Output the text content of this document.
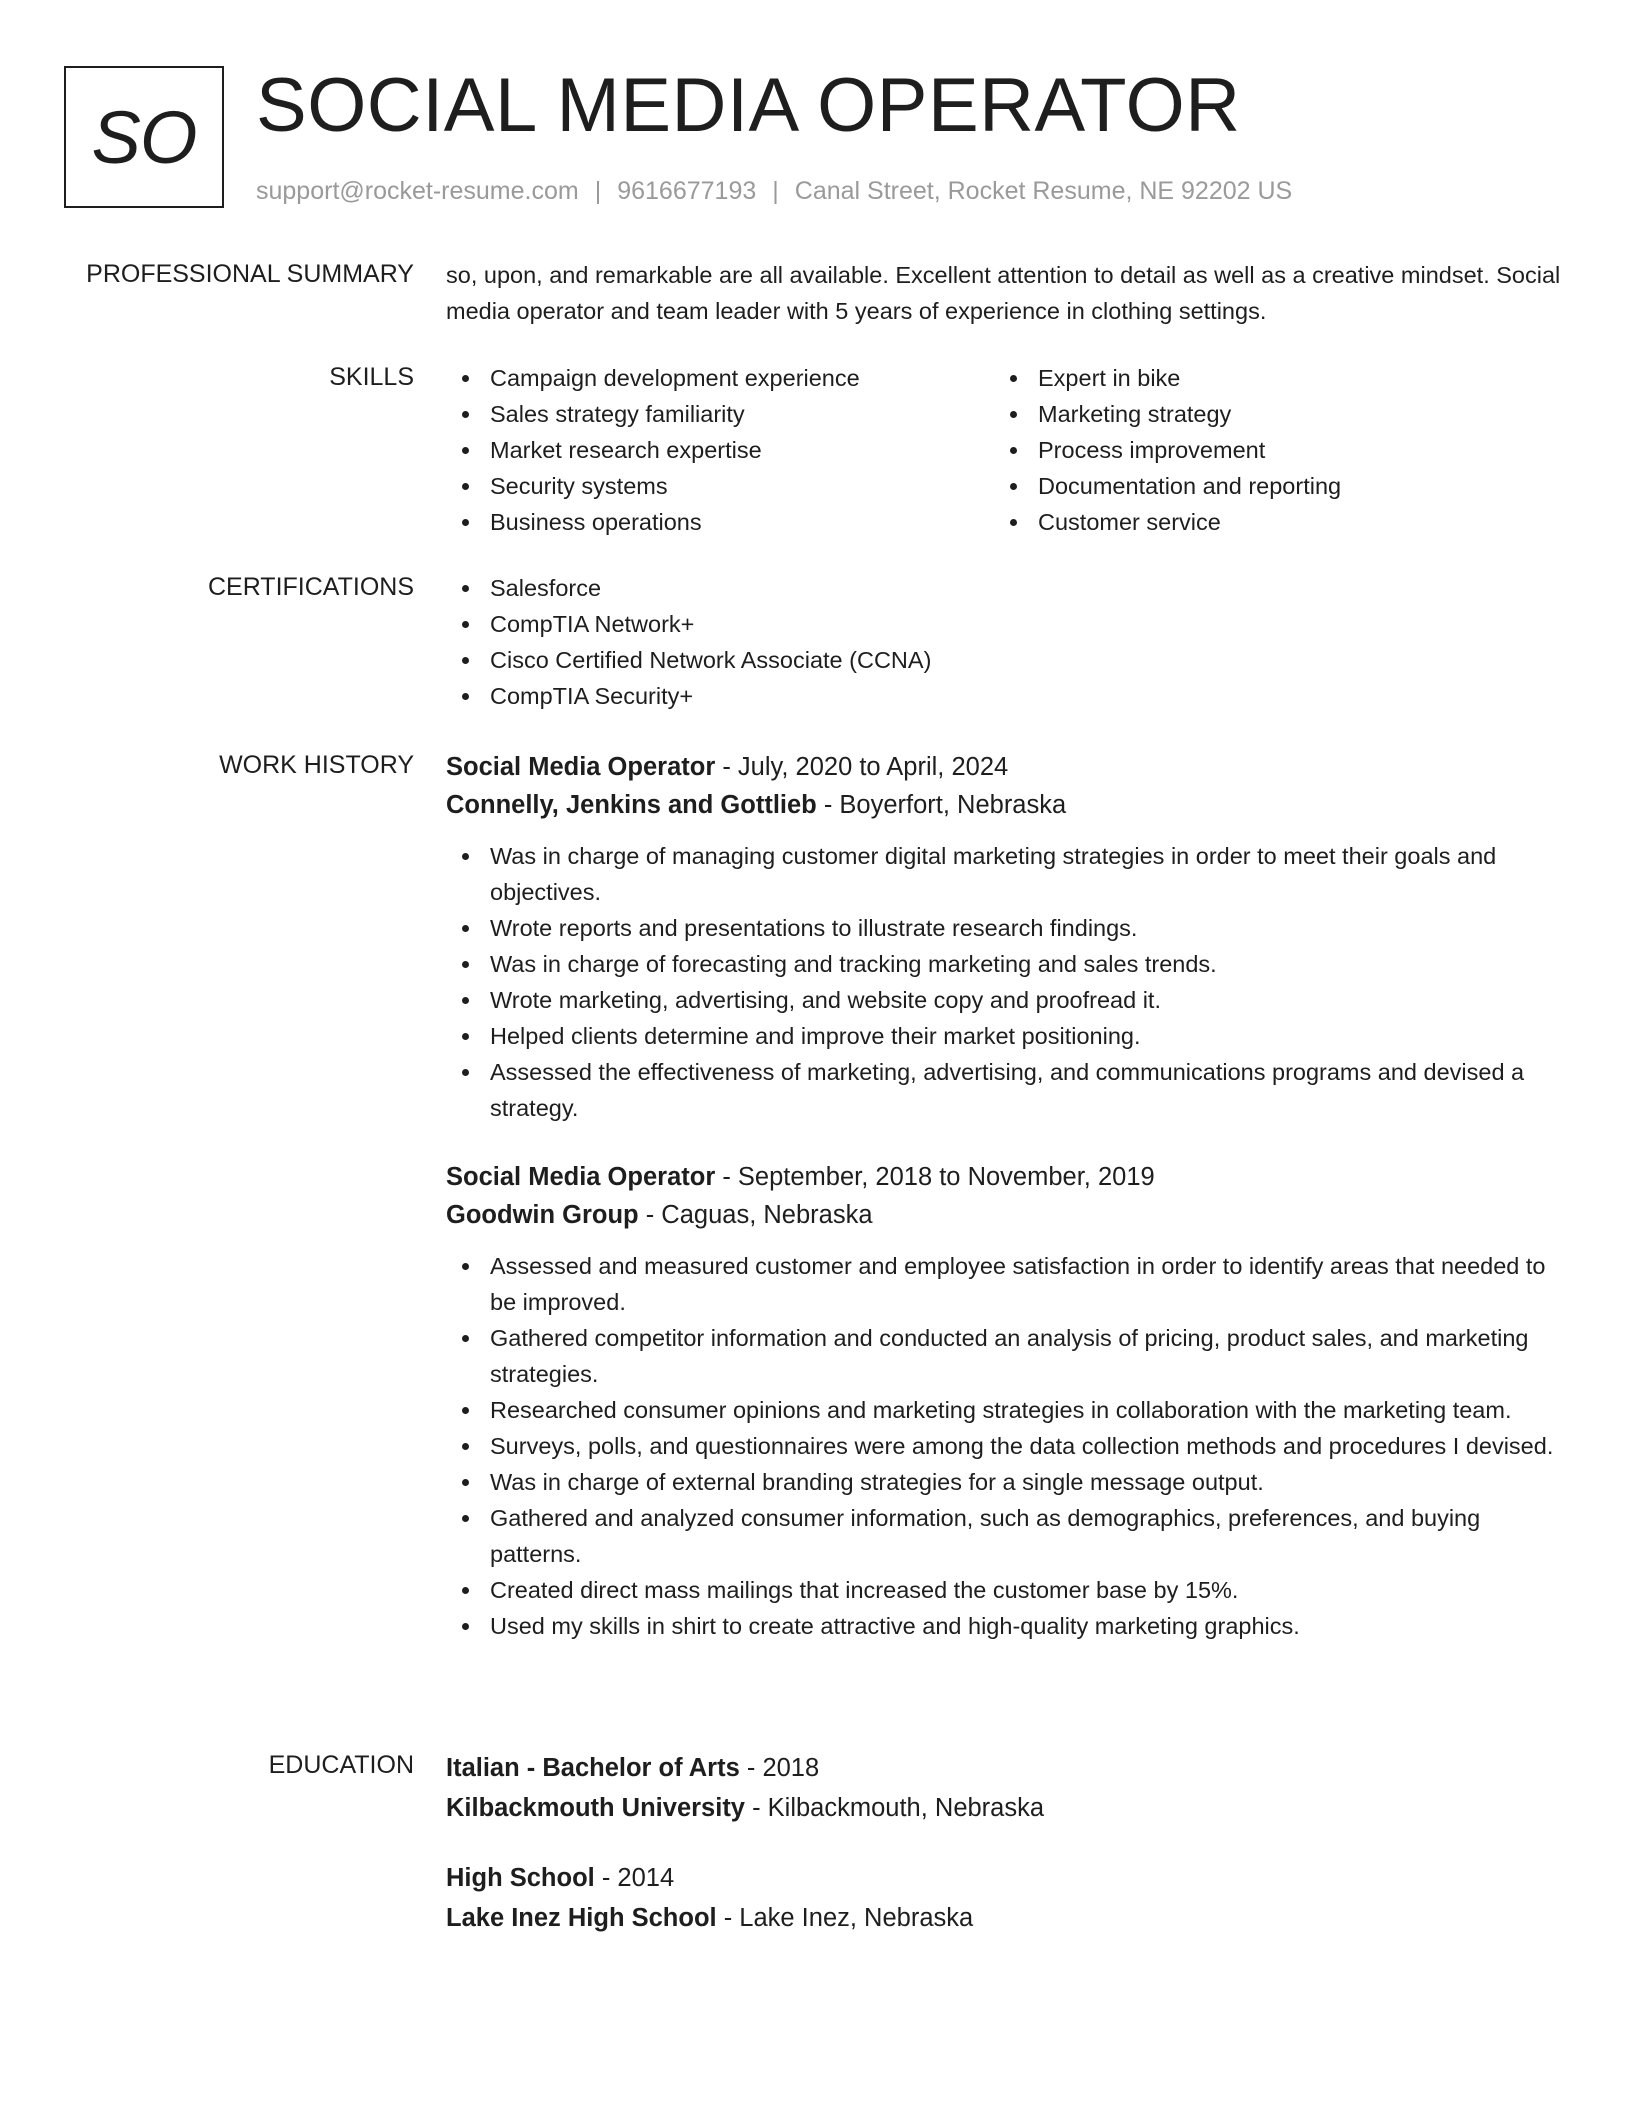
SO SOCIAL MEDIA OPERATOR
support@rocket-resume.com | 9616677193 | Canal Street, Rocket Resume, NE 92202 US
PROFESSIONAL SUMMARY so, upon, and remarkable are all available. Excellent attention to detail as well as a creative mindset. Social media operator and team leader with 5 years of experience in clothing settings.
SKILLS	Campaign development experience
Sales strategy familiarity
Market research expertise
Security systems
Business operations
Expert in bike
Marketing strategy
Process improvement
Documentation and reporting
Customer service
CERTIFICATIONS	Salesforce
CompTIA Network+
Cisco Certified Network Associate (CCNA)
CompTIA Security+
WORK HISTORY Social Media Operator - July, 2020 to April, 2024
Connelly, Jenkins and Gottlieb - Boyerfort, Nebraska
Was in charge of managing customer digital marketing strategies in order to meet their goals and objectives.
Wrote reports and presentations to illustrate research findings.
Was in charge of forecasting and tracking marketing and sales trends.
Wrote marketing, advertising, and website copy and proofread it.
Helped clients determine and improve their market positioning.
Assessed the effectiveness of marketing, advertising, and communications programs and devised a strategy.
Social Media Operator - September, 2018 to November, 2019
Goodwin Group - Caguas, Nebraska
Assessed and measured customer and employee satisfaction in order to identify areas that needed to be improved.
Gathered competitor information and conducted an analysis of pricing, product sales, and marketing strategies.
Researched consumer opinions and marketing strategies in collaboration with the marketing team.
Surveys, polls, and questionnaires were among the data collection methods and procedures I devised.
Was in charge of external branding strategies for a single message output.
Gathered and analyzed consumer information, such as demographics, preferences, and buying patterns.
Created direct mass mailings that increased the customer base by 15%.
Used my skills in shirt to create attractive and high-quality marketing graphics.
EDUCATION Italian - Bachelor of Arts - 2018
Kilbackmouth University - Kilbackmouth, Nebraska
High School - 2014
Lake Inez High School - Lake Inez, Nebraska
